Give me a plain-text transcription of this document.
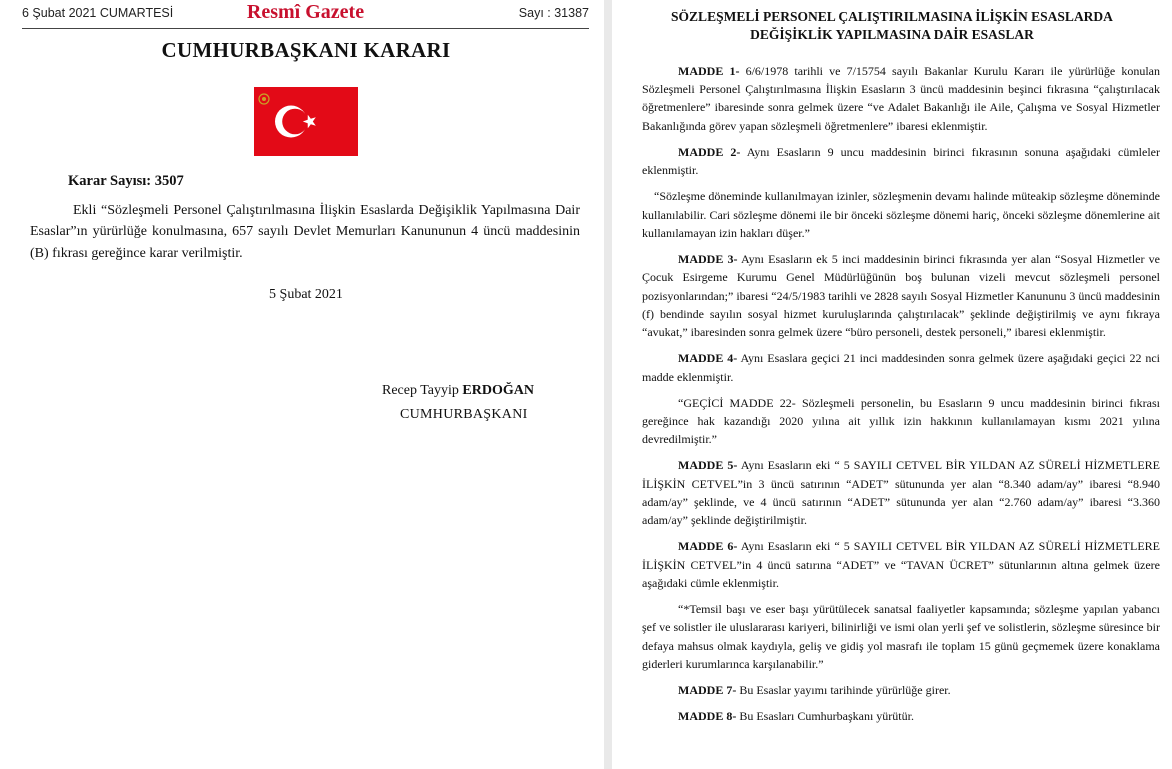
6 Şubat 2021 CUMARTESİ	Resmî Gazete	Sayı : 31387
CUMHURBAŞKANI KARARI
Karar Sayısı: 3507

Ekli “Sözleşmeli Personel Çalıştırılmasına İlişkin Esaslarda Değişiklik Yapılmasına Dair Esaslar”ın yürürlüğe konulmasına, 657 sayılı Devlet Memurları Kanununun 4 üncü maddesinin (B) fıkrası gereğince karar verilmiştir.

5 Şubat 2021
Recep Tayyip ERDOĞAN
CUMHURBAŞKANI
SÖZLEŞMELİ PERSONEL ÇALIŞTIRILMASINA İLİŞKİN ESASLARDA
DEĞİŞİKLİK YAPILMASINA DAİR ESASLAR

MADDE 1- 6/6/1978 tarihli ve 7/15754 sayılı Bakanlar Kurulu Kararı ile yürürlüğe konulan Sözleşmeli Personel Çalıştırılmasına İlişkin Esasların 3 üncü maddesinin beşinci fıkrasına “çalıştırılacak öğretmenlere” ibaresinde sonra gelmek üzere “ve Adalet Bakanlığı ile Aile, Çalışma ve Sosyal Hizmetler Bakanlığında görev yapan sözleşmeli öğretmenlere” ibaresi eklenmiştir.

MADDE 2- Aynı Esasların 9 uncu maddesinin birinci fıkrasının sonuna aşağıdaki cümleler eklenmiştir.

“Sözleşme döneminde kullanılmayan izinler, sözleşmenin devamı halinde müteakip sözleşme döneminde kullanılabilir. Cari sözleşme dönemi ile bir önceki sözleşme dönemi hariç, önceki sözleşme dönemlerine ait kullanılamayan izin hakları düşer.”

MADDE 3- Aynı Esasların ek 5 inci maddesinin birinci fıkrasında yer alan “Sosyal Hizmetler ve Çocuk Esirgeme Kurumu Genel Müdürlüğünün boş bulunan vizeli mevcut sözleşmeli personel pozisyonlarından;” ibaresi “24/5/1983 tarihli ve 2828 sayılı Sosyal Hizmetler Kanununu 3 üncü maddesinin (f) bendinde sayılın sosyal hizmet kuruluşlarında çalıştırılacak” şeklinde değiştirilmiş ve aynı fıkraya “avukat,” ibaresinden sonra gelmek üzere “büro personeli, destek personeli,” ibaresi eklenmiştir.

MADDE 4- Aynı Esaslara geçici 21 inci maddesinden sonra gelmek üzere aşağıdaki geçici 22 nci madde eklenmiştir.

“GEÇİCİ MADDE 22- Sözleşmeli personelin, bu Esasların 9 uncu maddesinin birinci fıkrası gereğince hak kazandığı 2020 yılına ait yıllık izin hakkının kullanılamayan kısmı 2021 yılına devredilmiştir.”

MADDE 5- Aynı Esasların eki “ 5 SAYILI CETVEL BİR YILDAN AZ SÜRELİ HİZMETLERE İLİŞKİN CETVEL”in 3 üncü satırının “ADET” sütununda yer alan “8.340 adam/ay” ibaresi “8.940 adam/ay” şeklinde, ve 4 üncü satırının “ADET” sütununda yer alan “2.760 adam/ay” ibaresi “3.360 adam/ay” şeklinde değiştirilmiştir.

MADDE 6- Aynı Esasların eki “ 5 SAYILI CETVEL BİR YILDAN AZ SÜRELİ HİZMETLERE İLİŞKİN CETVEL”in 4 üncü satırına “ADET” ve “TAVAN ÜCRET” sütunlarının altına gelmek üzere aşağıdaki cümle eklenmiştir.

“*Temsil başı ve eser başı yürütülecek sanatsal faaliyetler kapsamında; sözleşme yapılan yabancı şef ve solistler ile uluslararası kariyeri, bilinirliği ve ismi olan yerli şef ve solistlerin, sözleşme süresince bir defaya mahsus olmak kaydıyla, geliş ve gidiş yol masrafı ile toplam 15 günü geçmemek üzere konaklama giderleri kurumlarınca karşılanabilir.”

MADDE 7- Bu Esaslar yayımı tarihinde yürürlüğe girer.

MADDE 8- Bu Esasları Cumhurbaşkanı yürütür.
